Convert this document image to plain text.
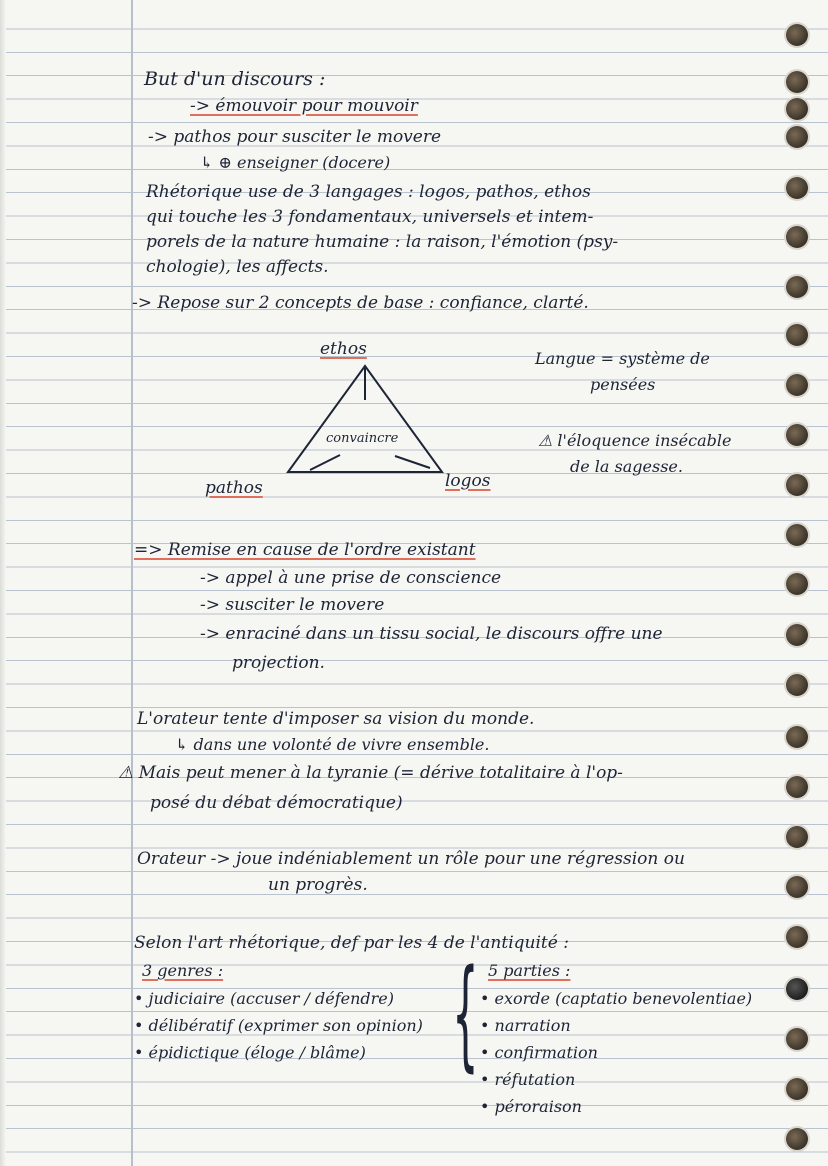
But d'un discours :
-> émouvoir pour mouvoir
-> pathos pour susciter le movere
↳ ⊕ enseigner (docere)
Rhétorique use de 3 langages : logos, pathos, ethos
qui touche les 3 fondamentaux, universels et intem-
porels de la nature humaine : la raison, l'émotion (psy-
chologie), les affects.
-> Repose sur 2 concepts de base : confiance, clarté.
ethos
convaincre
pathos	logos
Langue = système de
pensées
⚠ l'éloquence insécable
de la sagesse.
=> Remise en cause de l'ordre existant
-> appel à une prise de conscience
-> susciter le movere
-> enraciné dans un tissu social, le discours offre une
projection.
L'orateur tente d'imposer sa vision du monde.
↳ dans une volonté de vivre ensemble.
⚠ Mais peut mener à la tyranie (= dérive totalitaire à l'op-
posé du débat démocratique)
Orateur -> joue indéniablement un rôle pour une régression ou
un progrès.
Selon l'art rhétorique, def par les 4 de l'antiquité :
3 genres :
• judiciaire (accuser / défendre)
• délibératif (exprimer son opinion)
• épidictique (éloge / blâme) { 5 parties :
• exorde (captatio benevolentiae)
• narration
• confirmation
• réfutation
• péroraison
